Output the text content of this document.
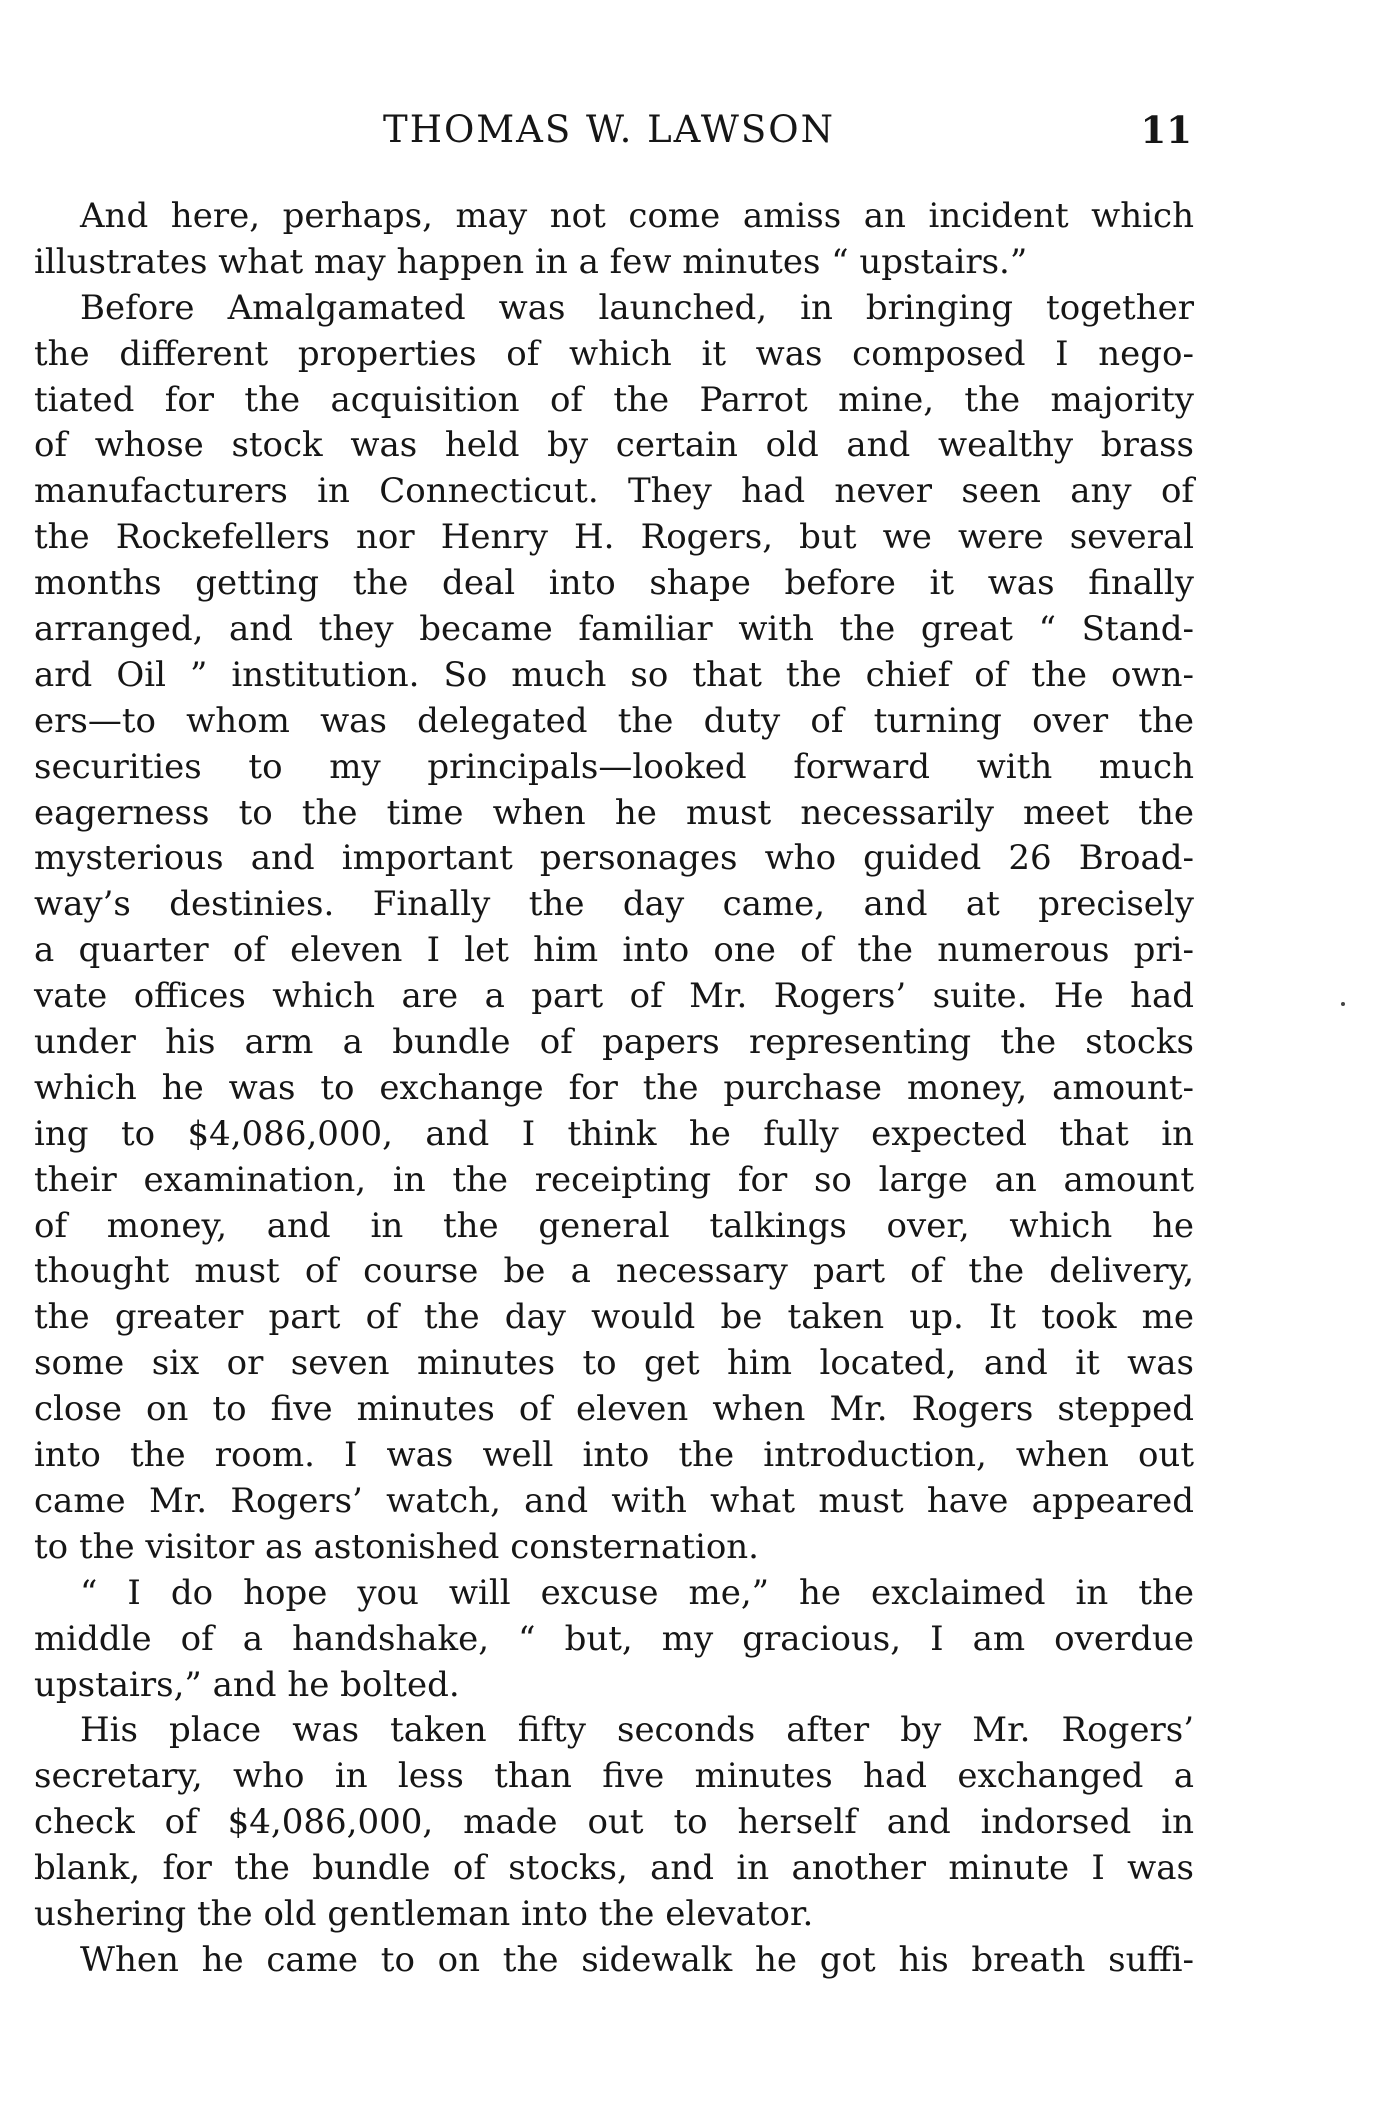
THOMAS W. LAWSON	11
And here, perhaps, may not come amiss an incident which
illustrates what may happen in a few minutes “ upstairs.”
Before Amalgamated was launched, in bringing together
the different properties of which it was composed I nego-
tiated for the acquisition of the Parrot mine, the majority
of whose stock was held by certain old and wealthy brass
manufacturers in Connecticut. They had never seen any of
the Rockefellers nor Henry H. Rogers, but we were several
months getting the deal into shape before it was finally
arranged, and they became familiar with the great “ Stand-
ard Oil ” institution. So much so that the chief of the own-
ers—to whom was delegated the duty of turning over the
securities to my principals—looked forward with much
eagerness to the time when he must necessarily meet the
mysterious and important personages who guided 26 Broad-
way’s destinies. Finally the day came, and at precisely
a quarter of eleven I let him into one of the numerous pri-
vate offices which are a part of Mr. Rogers’ suite. He had
under his arm a bundle of papers representing the stocks
which he was to exchange for the purchase money, amount-
ing to $4,086,000, and I think he fully expected that in
their examination, in the receipting for so large an amount
of money, and in the general talkings over, which he
thought must of course be a necessary part of the delivery,
the greater part of the day would be taken up. It took me
some six or seven minutes to get him located, and it was
close on to five minutes of eleven when Mr. Rogers stepped
into the room. I was well into the introduction, when out
came Mr. Rogers’ watch, and with what must have appeared
to the visitor as astonished consternation.
“ I do hope you will excuse me,” he exclaimed in the
middle of a handshake, “ but, my gracious, I am overdue
upstairs,” and he bolted.
His place was taken fifty seconds after by Mr. Rogers’
secretary, who in less than five minutes had exchanged a
check of $4,086,000, made out to herself and indorsed in
blank, for the bundle of stocks, and in another minute I was
ushering the old gentleman into the elevator.
When he came to on the sidewalk he got his breath suffi-
